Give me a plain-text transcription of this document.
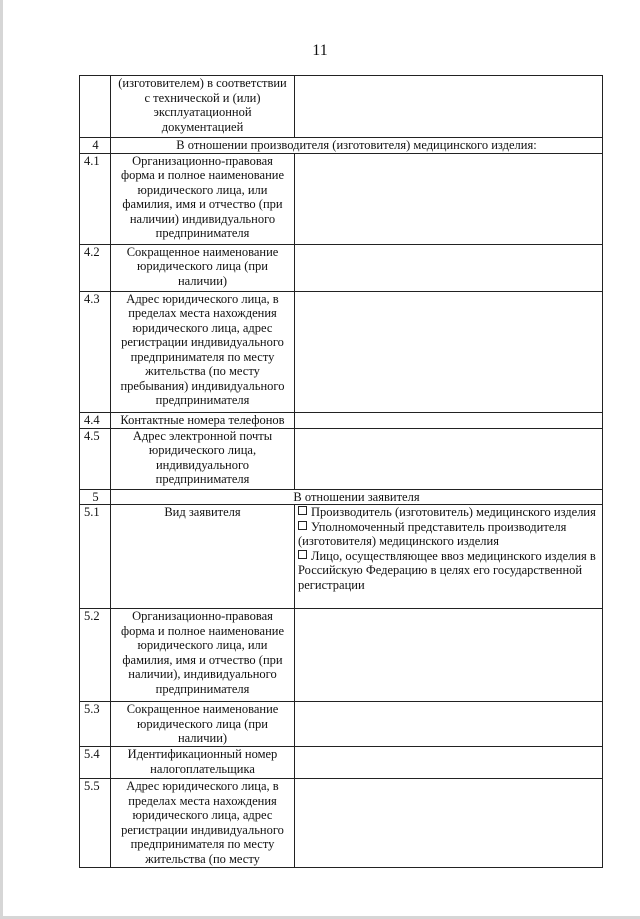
11
	(изготовителем) в соответствии с технической и (или) эксплуатационной документацией	
4	В отношении производителя (изготовителя) медицинского изделия:	
4.1	Организационно-правовая форма и полное наименование юридического лица, или фамилия, имя и отчество (при наличии) индивидуального предпринимателя	
4.2	Сокращенное наименование юридического лица (при наличии)	
4.3	Адрес юридического лица, в пределах места нахождения юридического лица, адрес регистрации индивидуального предпринимателя по месту жительства (по месту пребывания) индивидуального предпринимателя	
4.4	Контактные номера телефонов	
4.5	Адрес электронной почты юридического лица, индивидуального предпринимателя	
5	В отношении заявителя	
5.1	Вид заявителя	Производитель (изготовитель) медицинского изделия
Уполномоченный представитель производителя (изготовителя) медицинского изделия
Лицо, осуществляющее ввоз медицинского изделия в Российскую Федерацию в целях его государственной регистрации

5.2	Организационно-правовая форма и полное наименование юридического лица, или фамилия, имя и отчество (при наличии), индивидуального предпринимателя	
5.3	Сокращенное наименование юридического лица (при наличии)	
5.4	Идентификационный номер налогоплательщика	
5.5	Адрес юридического лица, в пределах места нахождения юридического лица, адрес регистрации индивидуального предпринимателя по месту жительства (по месту	
